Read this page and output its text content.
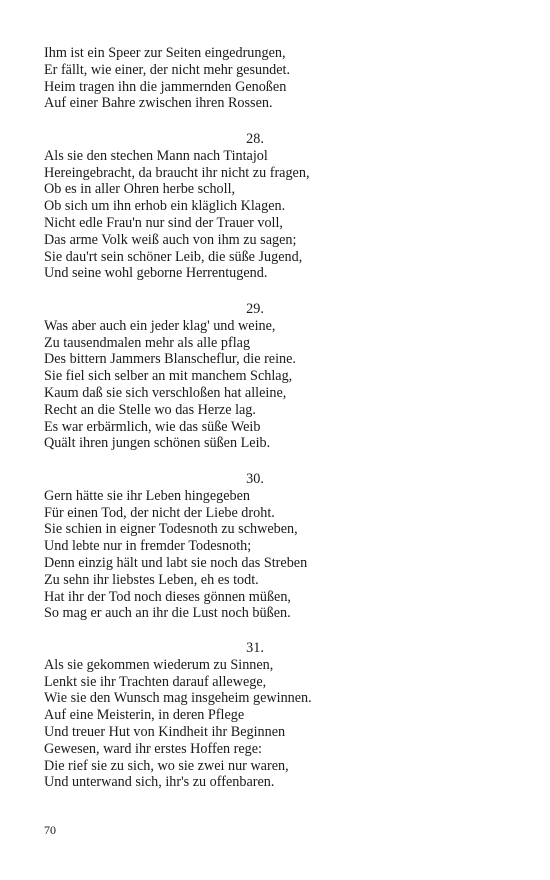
Ihm ist ein Speer zur Seiten eingedrungen,
Er fällt, wie einer, der nicht mehr gesundet.
Heim tragen ihn die jammernden Genoßen
Auf einer Bahre zwischen ihren Rossen.
28.
Als sie den stechen Mann nach Tintajol
Hereingebracht, da braucht ihr nicht zu fragen,
Ob es in aller Ohren herbe scholl,
Ob sich um ihn erhob ein kläglich Klagen.
Nicht edle Frau'n nur sind der Trauer voll,
Das arme Volk weiß auch von ihm zu sagen;
Sie dau'rt sein schöner Leib, die süße Jugend,
Und seine wohl geborne Herrentugend.
29.
Was aber auch ein jeder klag' und weine,
Zu tausendmalen mehr als alle pflag
Des bittern Jammers Blanscheflur, die reine.
Sie fiel sich selber an mit manchem Schlag,
Kaum daß sie sich verschloßen hat alleine,
Recht an die Stelle wo das Herze lag.
Es war erbärmlich, wie das süße Weib
Quält ihren jungen schönen süßen Leib.
30.
Gern hätte sie ihr Leben hingegeben
Für einen Tod, der nicht der Liebe droht.
Sie schien in eigner Todesnoth zu schweben,
Und lebte nur in fremder Todesnoth;
Denn einzig hält und labt sie noch das Streben
Zu sehn ihr liebstes Leben, eh es todt.
Hat ihr der Tod noch dieses gönnen müßen,
So mag er auch an ihr die Lust noch büßen.
31.
Als sie gekommen wiederum zu Sinnen,
Lenkt sie ihr Trachten darauf allewege,
Wie sie den Wunsch mag insgeheim gewinnen.
Auf eine Meisterin, in deren Pflege
Und treuer Hut von Kindheit ihr Beginnen
Gewesen, ward ihr erstes Hoffen rege:
Die rief sie zu sich, wo sie zwei nur waren,
Und unterwand sich, ihr's zu offenbaren.
70
